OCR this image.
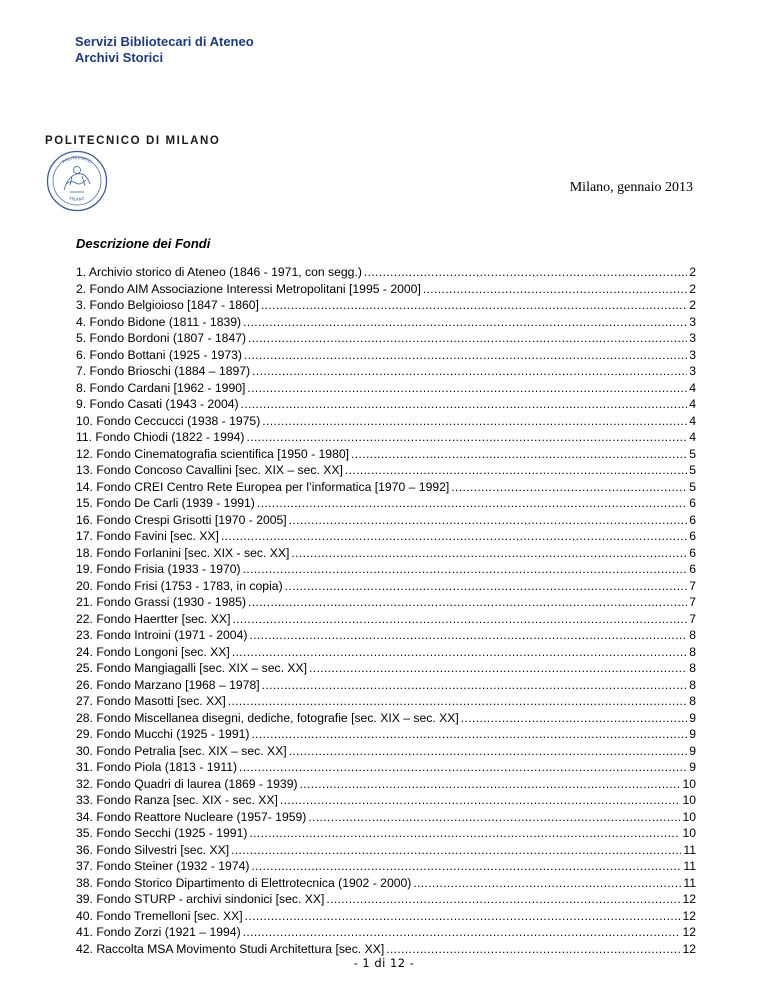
Servizi Bibliotecari di Ateneo
Archivi Storici
POLITECNICO DI MILANO
POLITECNICO
MILANO
Milano, gennaio 2013
Descrizione dei Fondi
1. Archivio storico di Ateneo (1846 - 1971, con segg.) .....	2
2. Fondo AIM Associazione Interessi Metropolitani [1995 - 2000] .....	2
3. Fondo Belgioioso [1847 - 1860] .....	2
4. Fondo Bidone (1811 - 1839) .....	3
5. Fondo Bordoni (1807 - 1847) .....	3
6. Fondo Bottani (1925 - 1973) .....	3
7. Fondo Brioschi (1884 – 1897) .....	3
8. Fondo Cardani [1962 - 1990] .....	4
9. Fondo Casati (1943 - 2004) .....	4
10. Fondo Ceccucci (1938 - 1975) .....	4
11. Fondo Chiodi (1822 - 1994) .....	4
12. Fondo Cinematografia scientifica [1950 - 1980] .....	5
13. Fondo Concoso Cavallini [sec. XIX – sec. XX] .....	5
14. Fondo CREI Centro Rete Europea per l’informatica [1970 – 1992] .....	5
15. Fondo De Carli (1939 - 1991) .....	6
16. Fondo Crespi Grisotti [1970 - 2005] .....	6
17. Fondo Favini [sec. XX] .....	6
18. Fondo Forlanini [sec. XIX - sec. XX] .....	6
19. Fondo Frisia (1933 - 1970) .....	6
20. Fondo Frisi (1753 - 1783, in copia) .....	7
21. Fondo Grassi (1930 - 1985) .....	7
22. Fondo Haertter [sec. XX] .....	7
23. Fondo Introini (1971 - 2004) .....	8
24. Fondo Longoni [sec. XX] .....	8
25. Fondo Mangiagalli [sec. XIX – sec. XX] .....	8
26. Fondo Marzano [1968 – 1978] .....	8
27. Fondo Masotti [sec. XX] .....	8
28. Fondo Miscellanea disegni, dediche, fotografie [sec. XIX – sec. XX] .....	9
29. Fondo Mucchi (1925 - 1991) .....	9
30. Fondo Petralia [sec. XIX – sec. XX] .....	9
31. Fondo Piola (1813 - 1911) .....	9
32. Fondo Quadri di laurea (1869 - 1939) .....	10
33. Fondo Ranza [sec. XIX - sec. XX] .....	10
34. Fondo Reattore Nucleare (1957- 1959) .....	10
35. Fondo Secchi (1925 - 1991) .....	10
36. Fondo Silvestri [sec. XX] .....	11
37. Fondo Steiner (1932 - 1974) .....	11
38. Fondo Storico Dipartimento di Elettrotecnica (1902 - 2000) .....	11
39. Fondo STURP - archivi sindonici [sec. XX] .....	12
40. Fondo Tremelloni [sec. XX] .....	12
41. Fondo Zorzi (1921 – 1994) .....	12
42. Raccolta MSA Movimento Studi Architettura [sec. XX] .....	12
- 1 di 12 -
